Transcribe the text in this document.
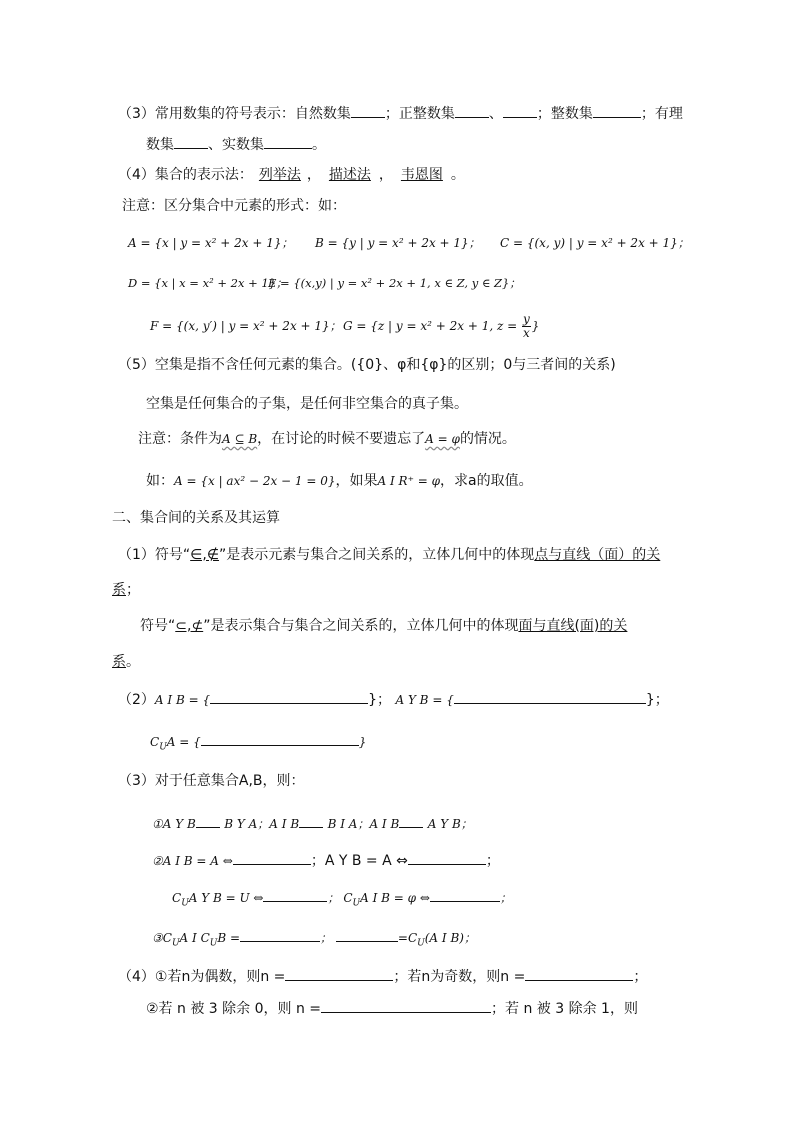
（3）常用数集的符号表示：自然数集 ；正整数集 、 ；整数集	；有理
数集 、实数集	。
（4）集合的表示法： 列举法 ， 描述法 ， 韦恩图 。
注意：区分集合中元素的形式：如：
A = {x | y = x² + 2x + 1}； B = {y | y = x² + 2x + 1}； C = {(x, y) | y = x² + 2x + 1}；
D = {x | x = x² + 2x + 1}；
E = {(x,y) | y = x² + 2x + 1, x ∈ Z, y ∈ Z}；
F = {(x, y′) | y = x² + 2x + 1}； G = {z | y = x² + 2x + 1, $z = \frac{y}{x}$ }
（5）空集是指不含任何元素的集合。({0}、φ和{φ}的区别；0与三者间的关系)
空集是任何集合的子集，是任何非空集合的真子集。
注意：条件为A ⊆ B，在讨论的时候不要遗忘了A = φ的情况。
如：A = {x | ax² − 2x − 1 = 0}，如果A I R⁺ = φ，求a的取值。
二、集合间的关系及其运算
（1）符号“∈,∉”是表示元素与集合之间关系的，立体几何中的体现点与直线（面）的关
系；
符号“⊂,⊄”是表示集合与集合之间关系的，立体几何中的体现面与直线(面)的关
系。
（2）A I B = {	}； A Y B = {	}；
$C_UA$ = {	}
（3）对于任意集合A,B，则：
①A Y B B Y A；A I B B I A；A I B A Y B；
②A I B = A ⇔	；A Y B = A ⇔	；
$C_UA$ Y B = U ⇔	； $C_UA$ I B = φ ⇔	；
$③C_UA$ I $C_UB$ =	；	$=C_U(A$ I B)；
（4）①若n为偶数，则n =	；若n为奇数，则n =	；
②若 n 被 3 除余 0，则 n =	；若 n 被 3 除余 1，则
